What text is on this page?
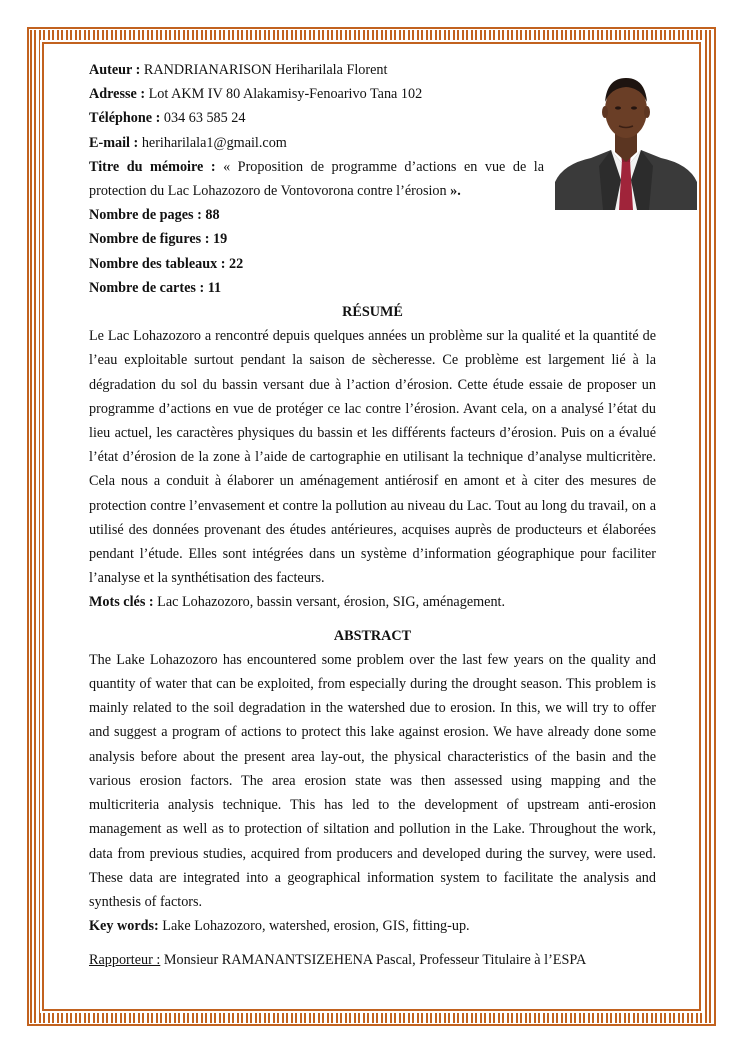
Auteur : RANDRIANARISON Heriharilala Florent

Adresse : Lot AKM IV 80 Alakamisy-Fenoarivo Tana 102

Téléphone : 034 63 585 24

E-mail : heriharilala1@gmail.com

Titre du mémoire : « Proposition de programme d’actions en vue de la protection du Lac Lohazozoro de Vontovorona contre l’érosion ».

Nombre de pages : 88

Nombre de figures : 19

Nombre des tableaux : 22

Nombre de cartes : 11

RÉSUMÉ

Le Lac Lohazozoro a rencontré depuis quelques années un problème sur la qualité et la quantité de l’eau exploitable surtout pendant la saison de sècheresse. Ce problème est largement lié à la dégradation du sol du bassin versant due à l’action d’érosion. Cette étude essaie de proposer un programme d’actions en vue de protéger ce lac contre l’érosion. Avant cela, on a analysé l’état du lieu actuel, les caractères physiques du bassin et les différents facteurs d’érosion. Puis on a évalué l’état d’érosion de la zone à l’aide de cartographie en utilisant la technique d’analyse multicritère. Cela nous a conduit à élaborer un aménagement antiérosif en amont et à citer des mesures de protection contre l’envasement et contre la pollution au niveau du Lac. Tout au long du travail, on a utilisé des données provenant des études antérieures, acquises auprès de producteurs et élaborées pendant l’étude. Elles sont intégrées dans un système d’information géographique pour faciliter l’analyse et la synthétisation des facteurs.

Mots clés : Lac Lohazozoro, bassin versant, érosion, SIG, aménagement.

ABSTRACT

The Lake Lohazozoro has encountered some problem over the last few years on the quality and quantity of water that can be exploited, from especially during the drought season. This problem is mainly related to the soil degradation in the watershed due to erosion. In this, we will try to offer and suggest a program of actions to protect this lake against erosion. We have already done some analysis before about the present area lay-out, the physical characteristics of the basin and the various erosion factors. The area erosion state was then assessed using mapping and the multicriteria analysis technique. This has led to the development of upstream anti-erosion management as well as to protection of siltation and pollution in the Lake. Throughout the work, data from previous studies, acquired from producers and developed during the survey, were used. These data are integrated into a geographical information system to facilitate the analysis and synthesis of factors.

Key words: Lake Lohazozoro, watershed, erosion, GIS, fitting-up.

Rapporteur : Monsieur RAMANANTSIZEHENA Pascal, Professeur Titulaire à l’ESPA
